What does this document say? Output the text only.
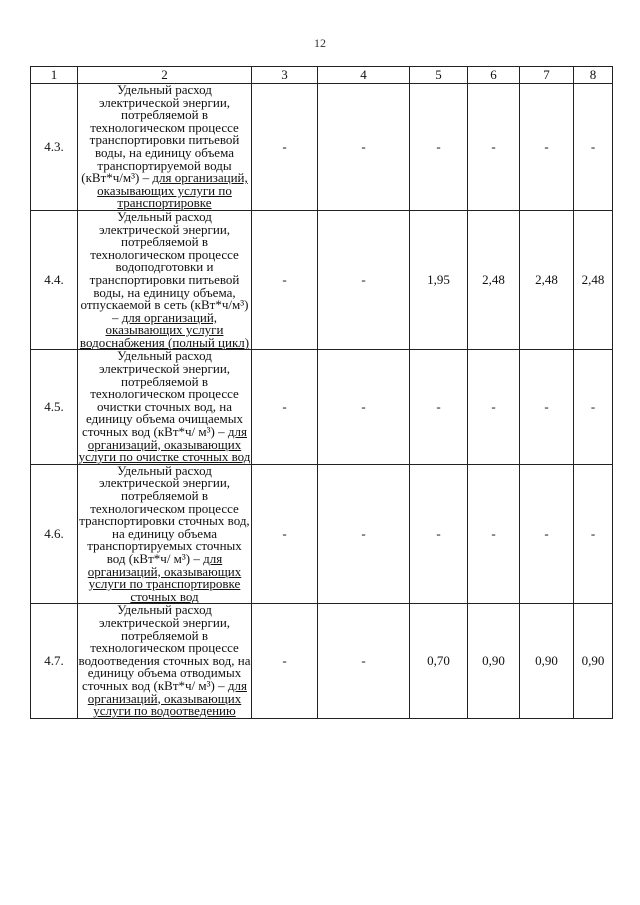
12
1	2	3	4	5	6	7	8
4.3.	Удельный расход электрической энергии, потребляемой в технологическом процессе транспортировки питьевой воды, на единицу объема транспортируемой воды (кВт*ч/м³) – для организаций, оказывающих услуги по транспортировке	-	-	-	-	-	-
4.4.	Удельный расход электрической энергии, потребляемой в технологическом процессе водоподготовки и транспортировки питьевой воды, на единицу объема, отпускаемой в сеть (кВт*ч/м³) – для организаций, оказывающих услуги водоснабжения (полный цикл)	-	-	1,95	2,48	2,48	2,48
4.5.	Удельный расход электрической энергии, потребляемой в технологическом процессе очистки сточных вод, на единицу объема очищаемых сточных вод (кВт*ч/ м³) – для организаций, оказывающих услуги по очистке сточных вод	-	-	-	-	-	-
4.6.	Удельный расход электрической энергии, потребляемой в технологическом процессе транспортировки сточных вод, на единицу объема транспортируемых сточных вод (кВт*ч/ м³) – для организаций, оказывающих услуги по транспортировке сточных вод	-	-	-	-	-	-
4.7.	Удельный расход электрической энергии, потребляемой в технологическом процессе водоотведения сточных вод, на единицу объема отводимых сточных вод (кВт*ч/ м³) – для организаций, оказывающих услуги по водоотведению	-	-	0,70	0,90	0,90	0,90
